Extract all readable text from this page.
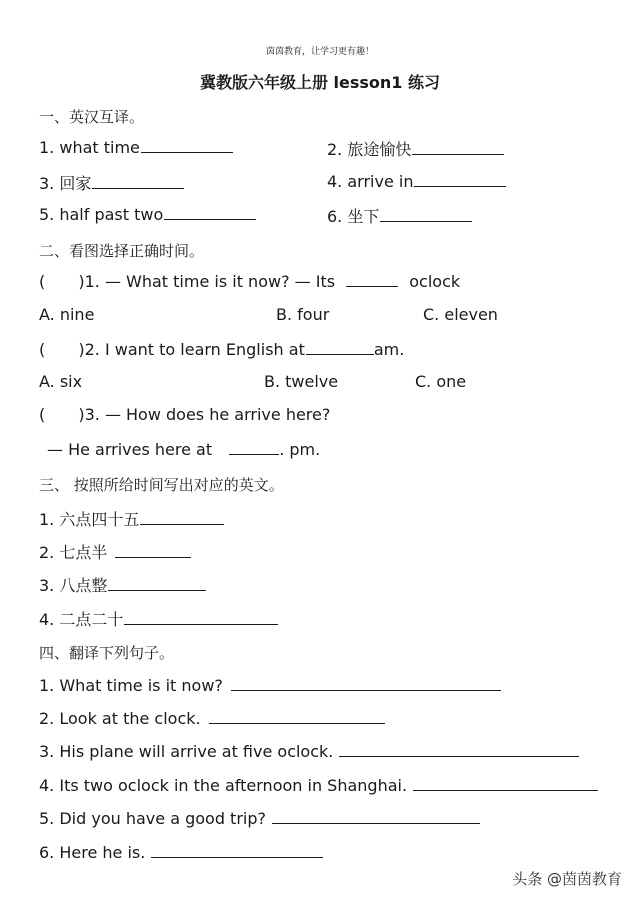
茵茵教育，让学习更有趣！
冀教版六年级上册 lesson1 练习
一、英汉互译。
1. what time	2. 旅途愉快
3. 回家	4. arrive in
5. half past two	6. 坐下
二、看图选择正确时间。
( )1. — What time is it now? — Its	oclock
A. nine	B. four	C. eleven
( )2. I want to learn English at	am.
A. six	B. twelve	C. one
( )3. — How does he arrive here?
— He arrives here at	. pm.
三、 按照所给时间写出对应的英文。
1. 六点四十五
2. 七点半
3. 八点整
4. 二点二十
四、翻译下列句子。
1. What time is it now?
2. Look at the clock.
3. His plane will arrive at five oclock.
4. Its two oclock in the afternoon in Shanghai.
5. Did you have a good trip?
6. Here he is.
头条 @茵茵教育
